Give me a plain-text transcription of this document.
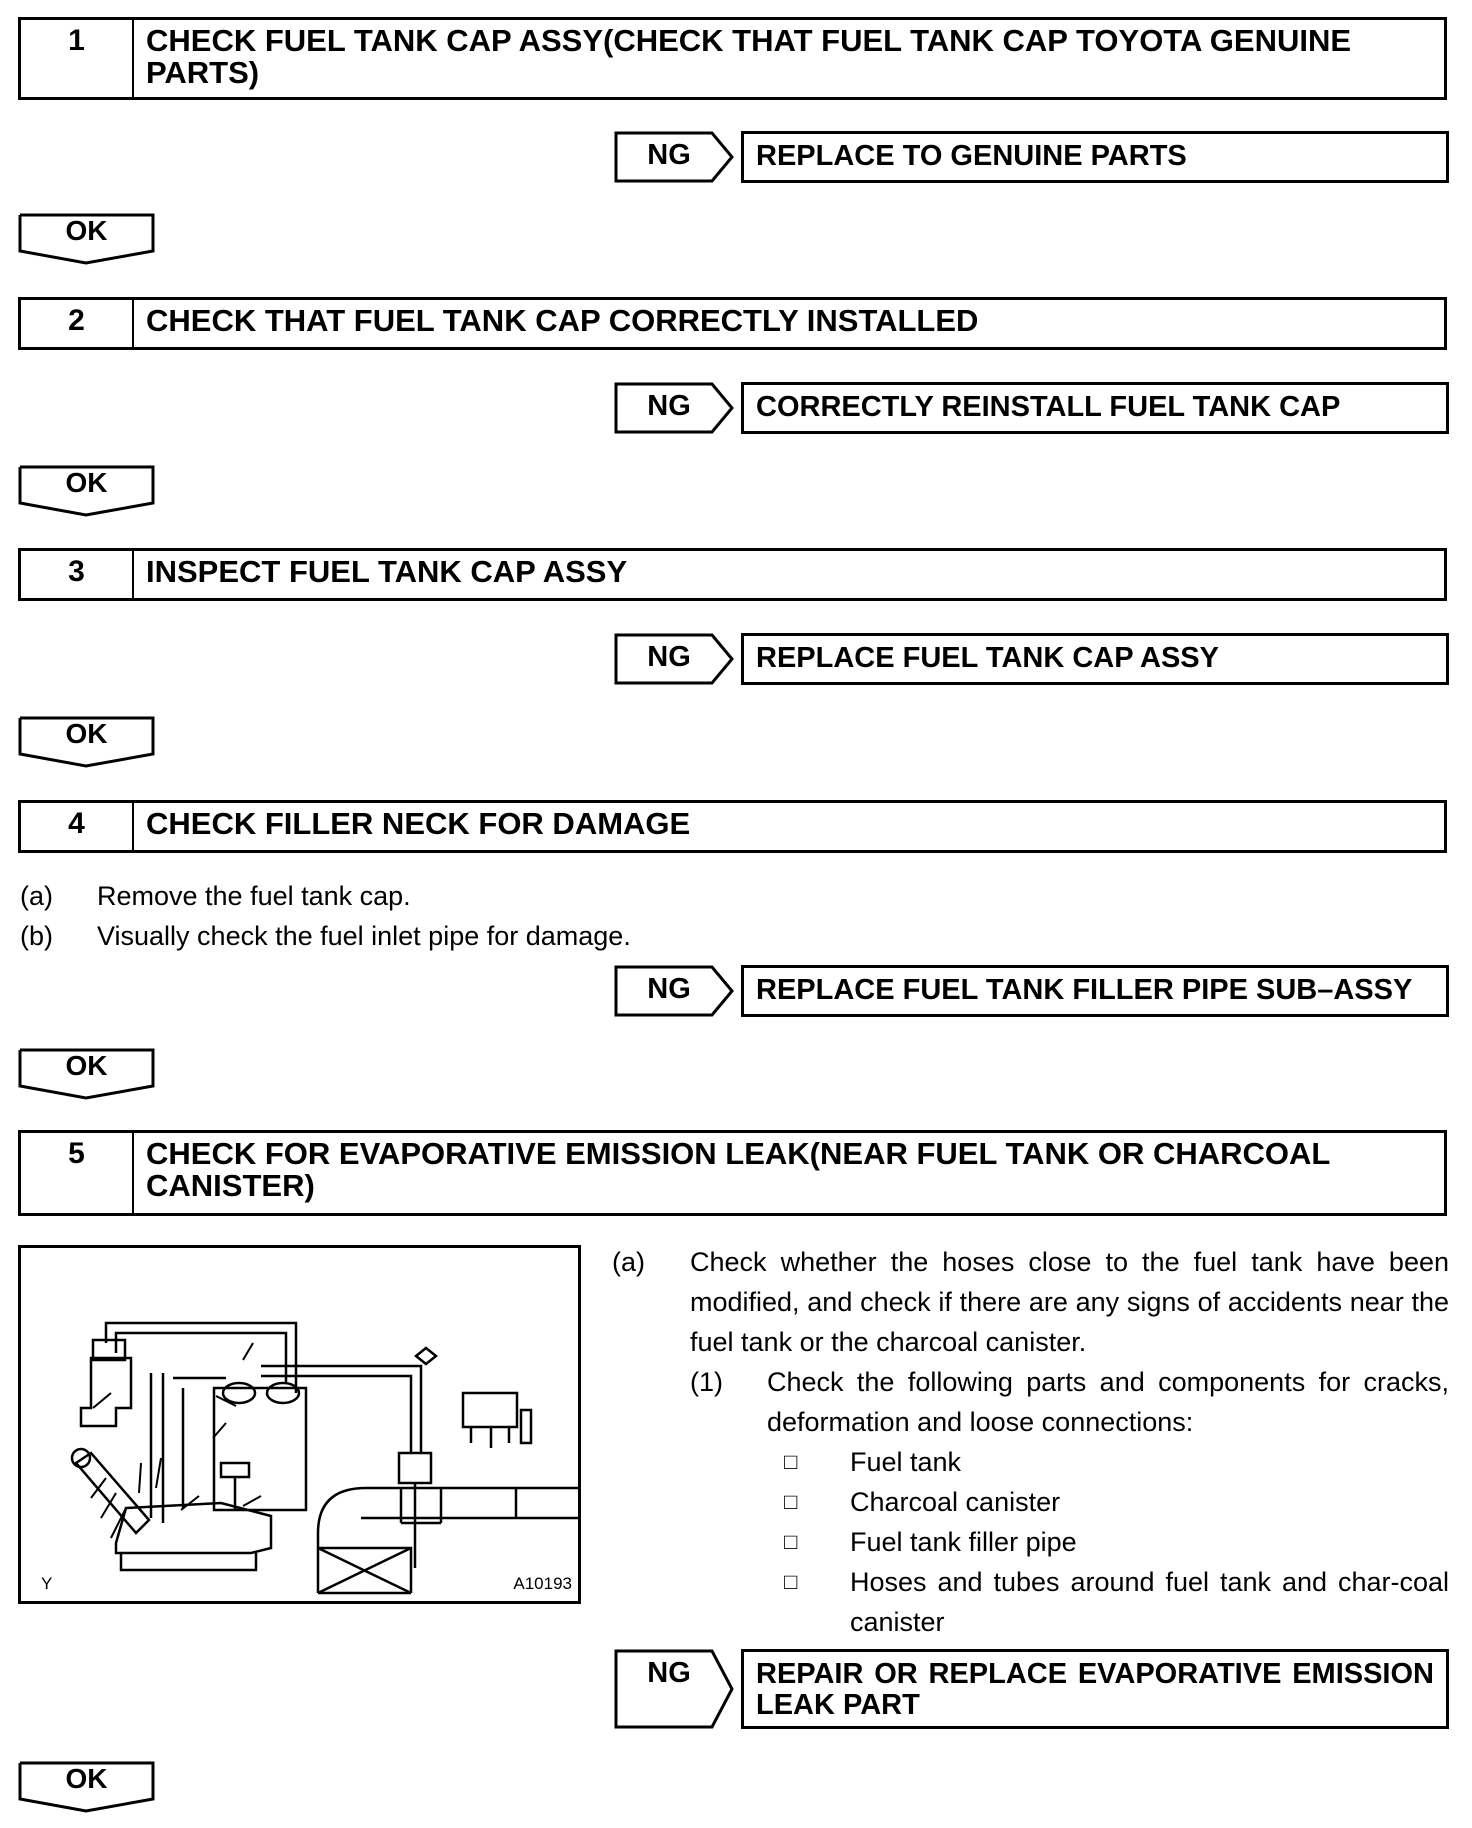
1	CHECK FUEL TANK CAP ASSY(CHECK THAT FUEL TANK CAP TOYOTA GENUINE PARTS)
NG	REPLACE TO GENUINE PARTS
OK
2	CHECK THAT FUEL TANK CAP CORRECTLY INSTALLED
NG	CORRECTLY REINSTALL FUEL TANK CAP
OK
3	INSPECT FUEL TANK CAP ASSY
NG	REPLACE FUEL TANK CAP ASSY
OK
4	CHECK FILLER NECK FOR DAMAGE
(a) Remove the fuel tank cap.
(b) Visually check the fuel inlet pipe for damage.
NG	REPLACE FUEL TANK FILLER PIPE SUB–ASSY
OK
5	CHECK FOR EVAPORATIVE EMISSION LEAK(NEAR FUEL TANK OR CHARCOAL CANISTER)
Y	A10193
(a) Check whether the hoses close to the fuel tank have been modified, and check if there are any signs of accidents near the fuel tank or the charcoal canister.
(1) Check the following parts and components for cracks, deformation and loose connections:
□ Fuel tank
□ Charcoal canister
□ Fuel tank filler pipe
□ Hoses and tubes around fuel tank and char-coal canister
NG	REPAIR OR REPLACE EVAPORATIVE EMISSION LEAK PART
OK
